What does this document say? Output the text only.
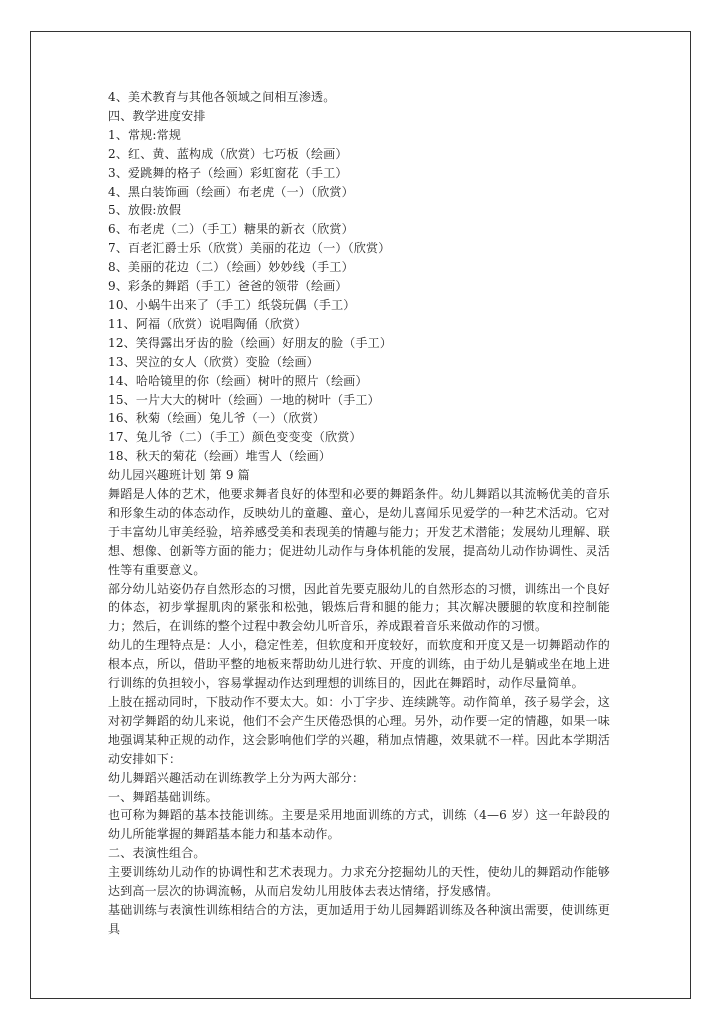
4、美术教育与其他各领域之间相互渗透。
四、教学进度安排
1、常规:常规
2、红、黄、蓝构成（欣赏）七巧板（绘画）
3、爱跳舞的格子（绘画）彩虹窗花（手工）
4、黑白装饰画（绘画）布老虎（一）（欣赏）
5、放假:放假
6、布老虎（二）（手工）糖果的新衣（欣赏）
7、百老汇爵士乐（欣赏）美丽的花边（一）（欣赏）
8、美丽的花边（二）（绘画）妙妙线（手工）
9、彩条的舞蹈（手工）爸爸的领带（绘画）
10、小蜗牛出来了（手工）纸袋玩偶（手工）
11、阿福（欣赏）说唱陶俑（欣赏）
12、笑得露出牙齿的脸（绘画）好朋友的脸（手工）
13、哭泣的女人（欣赏）变脸（绘画）
14、哈哈镜里的你（绘画）树叶的照片（绘画）
15、一片大大的树叶（绘画）一地的树叶（手工）
16、秋菊（绘画）兔儿爷（一）（欣赏）
17、兔儿爷（二）（手工）颜色变变变（欣赏）
18、秋天的菊花（绘画）堆雪人（绘画）
幼儿园兴趣班计划 第 9 篇
舞蹈是人体的艺术，他要求舞者良好的体型和必要的舞蹈条件。幼儿舞蹈以其流畅优美的音乐和形象生动的体态动作，反映幼儿的童趣、童心，是幼儿喜闻乐见爱学的一种艺术活动。它对于丰富幼儿审美经验，培养感受美和表现美的情趣与能力；开发艺术潜能；发展幼儿理解、联想、想像、创新等方面的能力；促进幼儿动作与身体机能的发展，提高幼儿动作协调性、灵活性等有重要意义。
部分幼儿站姿仍存自然形态的习惯，因此首先要克服幼儿的自然形态的习惯，训练出一个良好的体态，初步掌握肌肉的紧张和松弛，锻炼后背和腿的能力；其次解决腰腿的软度和控制能力；然后，在训练的整个过程中教会幼儿听音乐，养成跟着音乐来做动作的习惯。
幼儿的生理特点是：人小，稳定性差，但软度和开度较好，而软度和开度又是一切舞蹈动作的根本点，所以，借助平整的地板来帮助幼儿进行软、开度的训练，由于幼儿是躺或坐在地上进行训练的负担较小，容易掌握动作达到理想的训练目的，因此在舞蹈时，动作尽量简单。
上肢在摇动同时，下肢动作不要太大。如：小丁字步、连续跳等。动作简单，孩子易学会，这对初学舞蹈的幼儿来说，他们不会产生厌倦恐惧的心理。另外，动作要一定的情趣，如果一味地强调某种正规的动作，这会影响他们学的兴趣，稍加点情趣，效果就不一样。因此本学期活动安排如下：
幼儿舞蹈兴趣活动在训练教学上分为两大部分：
一、舞蹈基础训练。
也可称为舞蹈的基本技能训练。主要是采用地面训练的方式，训练（4—6 岁）这一年龄段的幼儿所能掌握的舞蹈基本能力和基本动作。
二、表演性组合。
主要训练幼儿动作的协调性和艺术表现力。力求充分挖掘幼儿的天性，使幼儿的舞蹈动作能够达到高一层次的协调流畅，从而启发幼儿用肢体去表达情绪，抒发感情。
基础训练与表演性训练相结合的方法，更加适用于幼儿园舞蹈训练及各种演出需要，使训练更具
